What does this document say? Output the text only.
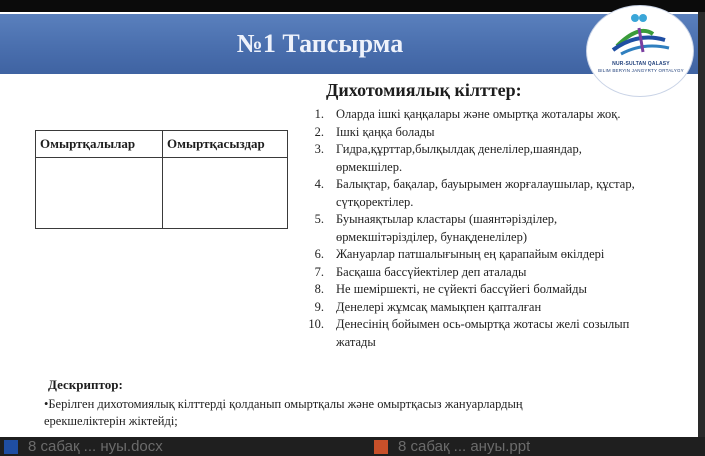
№1 Тапсырма
NUR-SULTAN QALASY
BILIM BERYIN JANGYRTY ORTALYGY
Дихотомиялық кілттер:
Омыртқалылар	Омыртқасыздар

1. Оларда ішкі қаңқалары және омыртқа жоталары жоқ.
2. Ішкі қаңқа болады
3. Гидра,құрттар,былқылдақ денелілер,шаяндар,
өрмекшілер.
4. Балықтар, бақалар, бауырымен жорғалаушылар, құстар,
сүтқоректілер.
5. Буынаяқтылар кластары (шаянтәріздiлер,
өрмекшітәрізділер, бунақденелілер)
6. Жануарлар патшалығының ең қарапайым өкілдері
7. Басқаша бассүйектілер деп аталады
8. Не шеміршекті, не сүйекті бассүйегі болмайды
9. Денелері жұмсақ мамықпен қапталған
10. Денесінің бойымен ось-омыртқа жотасы желі созылып
жатады
Дескриптор:
•Берілген дихотомиялық кілттерді қолданып омыртқалы және омыртқасыз жануарлардың
ерекшеліктерін жіктейді;
8 сабақ ... нуы.docx	8 сабақ ... ануы.ppt
